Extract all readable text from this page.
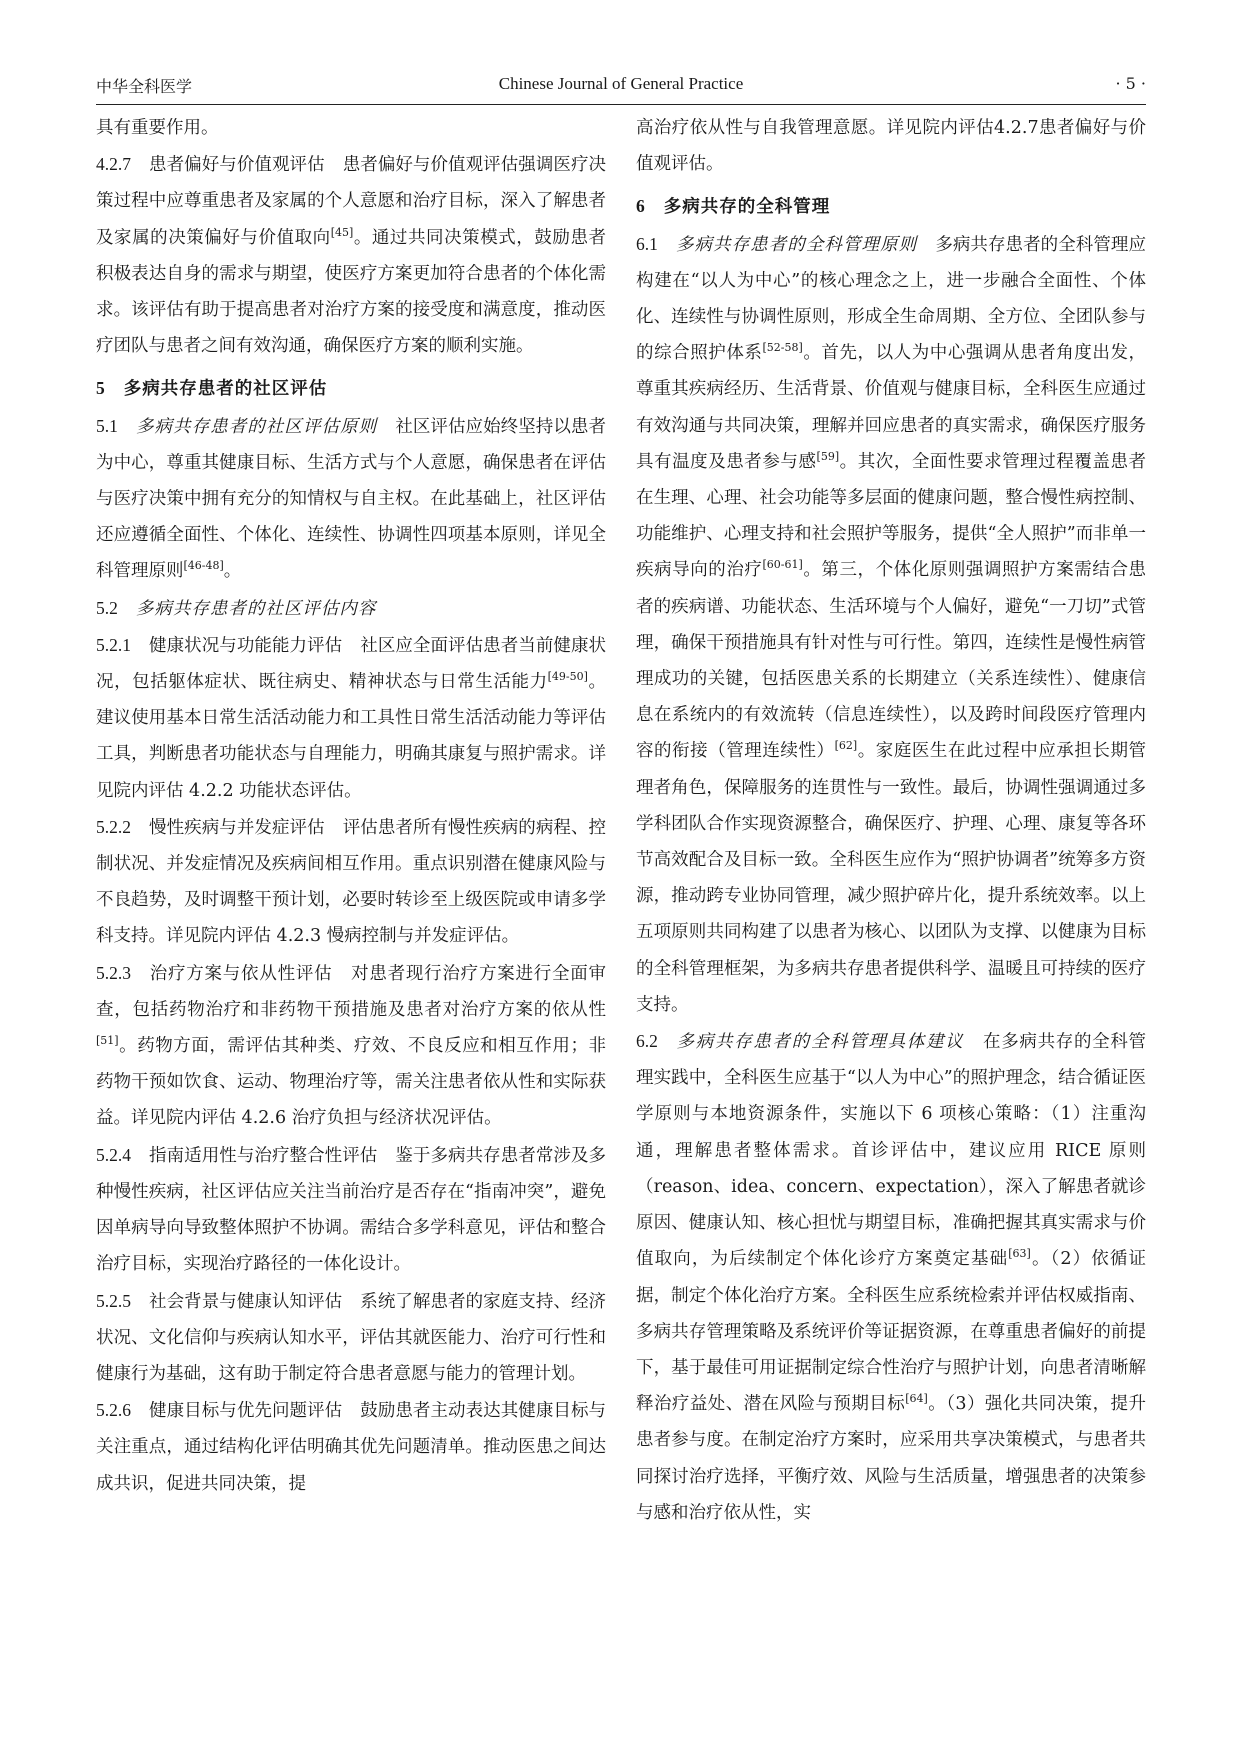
中华全科医学	Chinese Journal of General Practice	· 5 ·

具有重要作用。

4.2.7 患者偏好与价值观评估 患者偏好与价值观评估强调医疗决策过程中应尊重患者及家属的个人意愿和治疗目标，深入了解患者及家属的决策偏好与价值取向[45]。通过共同决策模式，鼓励患者积极表达自身的需求与期望，使医疗方案更加符合患者的个体化需求。该评估有助于提高患者对治疗方案的接受度和满意度，推动医疗团队与患者之间有效沟通，确保医疗方案的顺利实施。

5 多病共存患者的社区评估

5.1 多病共存患者的社区评估原则 社区评估应始终坚持以患者为中心，尊重其健康目标、生活方式与个人意愿，确保患者在评估与医疗决策中拥有充分的知情权与自主权。在此基础上，社区评估还应遵循全面性、个体化、连续性、协调性四项基本原则，详见全科管理原则[46-48]。

5.2 多病共存患者的社区评估内容

5.2.1 健康状况与功能能力评估 社区应全面评估患者当前健康状况，包括躯体症状、既往病史、精神状态与日常生活能力[49-50]。建议使用基本日常生活活动能力和工具性日常生活活动能力等评估工具，判断患者功能状态与自理能力，明确其康复与照护需求。详见院内评估 4.2.2 功能状态评估。

5.2.2 慢性疾病与并发症评估 评估患者所有慢性疾病的病程、控制状况、并发症情况及疾病间相互作用。重点识别潜在健康风险与不良趋势，及时调整干预计划，必要时转诊至上级医院或申请多学科支持。详见院内评估 4.2.3 慢病控制与并发症评估。

5.2.3 治疗方案与依从性评估 对患者现行治疗方案进行全面审查，包括药物治疗和非药物干预措施及患者对治疗方案的依从性[51]。药物方面，需评估其种类、疗效、不良反应和相互作用；非药物干预如饮食、运动、物理治疗等，需关注患者依从性和实际获益。详见院内评估 4.2.6 治疗负担与经济状况评估。

5.2.4 指南适用性与治疗整合性评估 鉴于多病共存患者常涉及多种慢性疾病，社区评估应关注当前治疗是否存在“指南冲突”，避免因单病导向导致整体照护不协调。需结合多学科意见，评估和整合治疗目标，实现治疗路径的一体化设计。

5.2.5 社会背景与健康认知评估 系统了解患者的家庭支持、经济状况、文化信仰与疾病认知水平，评估其就医能力、治疗可行性和健康行为基础，这有助于制定符合患者意愿与能力的管理计划。

5.2.6 健康目标与优先问题评估 鼓励患者主动表达其健康目标与关注重点，通过结构化评估明确其优先问题清单。推动医患之间达成共识，促进共同决策，提

高治疗依从性与自我管理意愿。详见院内评估4.2.7患者偏好与价值观评估。

6 多病共存的全科管理

6.1 多病共存患者的全科管理原则 多病共存患者的全科管理应构建在“以人为中心”的核心理念之上，进一步融合全面性、个体化、连续性与协调性原则，形成全生命周期、全方位、全团队参与的综合照护体系[52-58]。首先，以人为中心强调从患者角度出发，尊重其疾病经历、生活背景、价值观与健康目标，全科医生应通过有效沟通与共同决策，理解并回应患者的真实需求，确保医疗服务具有温度及患者参与感[59]。其次，全面性要求管理过程覆盖患者在生理、心理、社会功能等多层面的健康问题，整合慢性病控制、功能维护、心理支持和社会照护等服务，提供“全人照护”而非单一疾病导向的治疗[60-61]。第三，个体化原则强调照护方案需结合患者的疾病谱、功能状态、生活环境与个人偏好，避免“一刀切”式管理，确保干预措施具有针对性与可行性。第四，连续性是慢性病管理成功的关键，包括医患关系的长期建立（关系连续性）、健康信息在系统内的有效流转（信息连续性），以及跨时间段医疗管理内容的衔接（管理连续性）[62]。家庭医生在此过程中应承担长期管理者角色，保障服务的连贯性与一致性。最后，协调性强调通过多学科团队合作实现资源整合，确保医疗、护理、心理、康复等各环节高效配合及目标一致。全科医生应作为“照护协调者”统筹多方资源，推动跨专业协同管理，减少照护碎片化，提升系统效率。以上五项原则共同构建了以患者为核心、以团队为支撑、以健康为目标的全科管理框架，为多病共存患者提供科学、温暖且可持续的医疗支持。

6.2 多病共存患者的全科管理具体建议 在多病共存的全科管理实践中，全科医生应基于“以人为中心”的照护理念，结合循证医学原则与本地资源条件，实施以下 6 项核心策略：（1）注重沟通，理解患者整体需求。首诊评估中，建议应用 RICE 原则（reason、idea、concern、expectation），深入了解患者就诊原因、健康认知、核心担忧与期望目标，准确把握其真实需求与价值取向，为后续制定个体化诊疗方案奠定基础[63]。（2）依循证据，制定个体化治疗方案。全科医生应系统检索并评估权威指南、多病共存管理策略及系统评价等证据资源，在尊重患者偏好的前提下，基于最佳可用证据制定综合性治疗与照护计划，向患者清晰解释治疗益处、潜在风险与预期目标[64]。（3）强化共同决策，提升患者参与度。在制定治疗方案时，应采用共享决策模式，与患者共同探讨治疗选择，平衡疗效、风险与生活质量，增强患者的决策参与感和治疗依从性，实
